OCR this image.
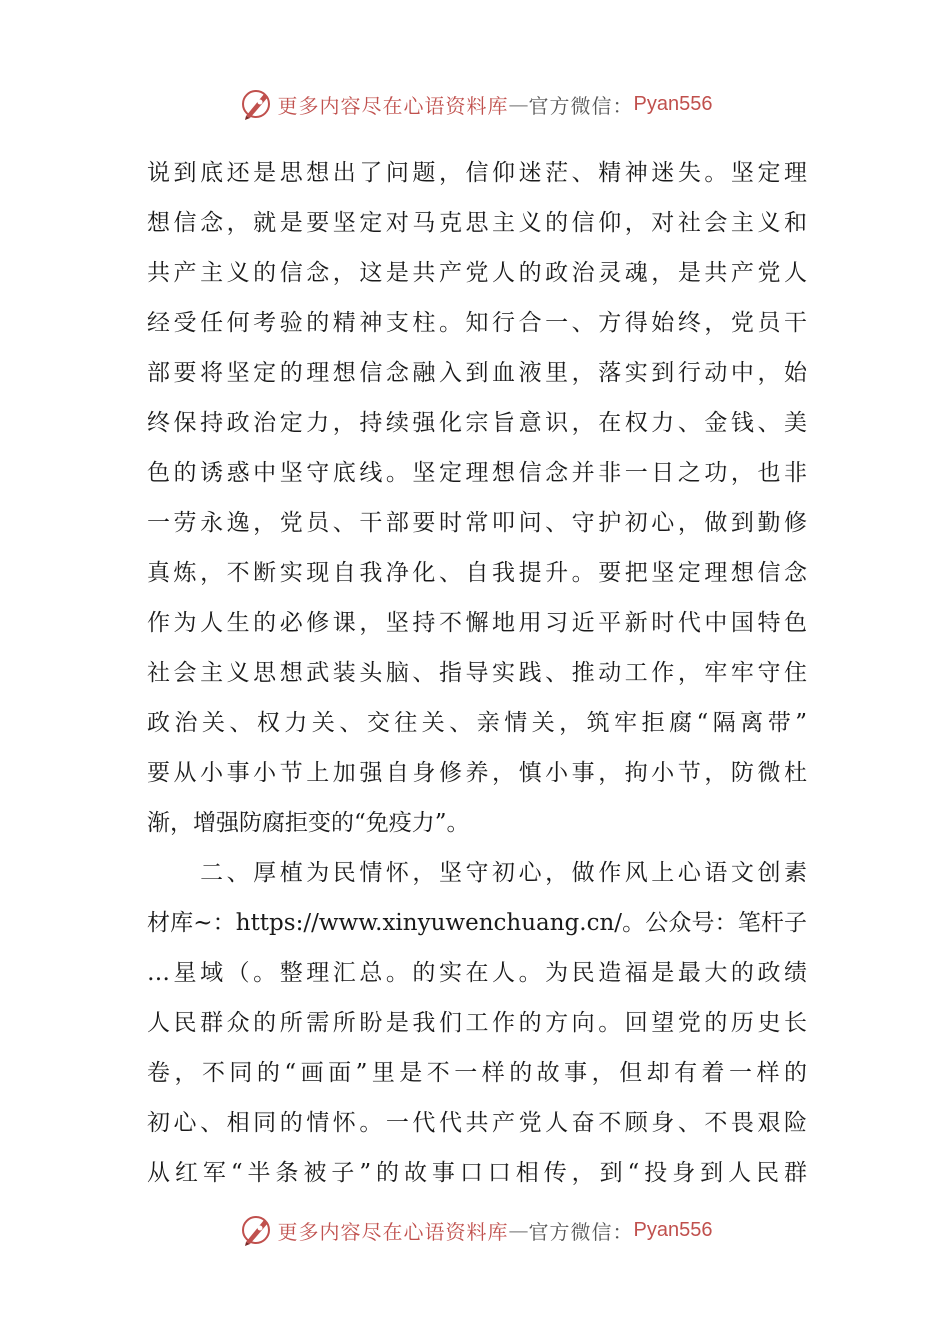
更多内容尽在心语资料库 — 官方微信： Pyan556
说到底还是思想出了问题，信仰迷茫、精神迷失。坚定理
想信念，就是要坚定对马克思主义的信仰，对社会主义和
共产主义的信念，这是共产党人的政治灵魂，是共产党人
经受任何考验的精神支柱。知行合一、方得始终，党员干
部要将坚定的理想信念融入到血液里，落实到行动中，始
终保持政治定力，持续强化宗旨意识，在权力、金钱、美
色的诱惑中坚守底线。坚定理想信念并非一日之功，也非
一劳永逸，党员、干部要时常叩问、守护初心，做到勤修
真炼，不断实现自我净化、自我提升。要把坚定理想信念
作为人生的必修课，坚持不懈地用习近平新时代中国特色
社会主义思想武装头脑、指导实践、推动工作，牢牢守住
政治关、权力关、交往关、亲情关，筑牢拒腐“隔离带”
要从小事小节上加强自身修养，慎小事，拘小节，防微杜
渐，增强防腐拒变的“免疫力”。
　　二、厚植为民情怀，坚守初心，做作风上心语文创素
材库~：https://www.xinyuwenchuang.cn/。公众号：笔杆子
…星域（。整理汇总。的实在人。为民造福是最大的政绩
人民群众的所需所盼是我们工作的方向。回望党的历史长
卷，不同的“画面”里是不一样的故事，但却有着一样的
初心、相同的情怀。一代代共产党人奋不顾身、不畏艰险
从红军“半条被子”的故事口口相传，到“投身到人民群
更多内容尽在心语资料库 — 官方微信： Pyan556
